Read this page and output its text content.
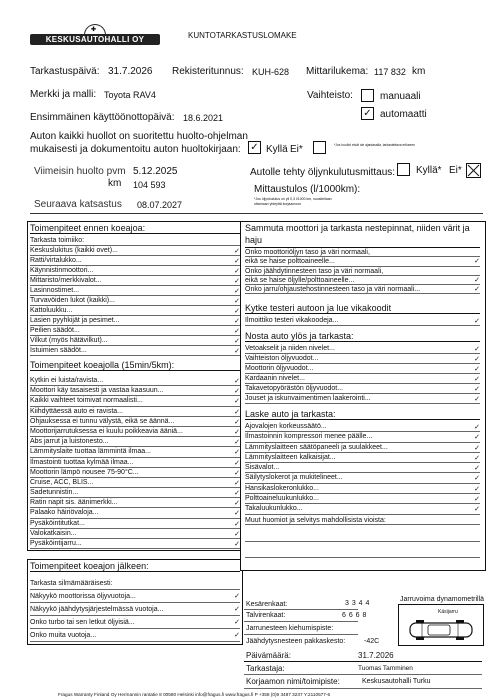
✚
KESKUSAUTOHALLI OY	KUNTOTARKASTUSLOMAKE
Tarkastuspäivä: 31.7.2026 Rekisteritunnus: KUH-628 Mittarilukema: 117 832 km
Merkki ja malli: Toyota RAV4	Vaihteisto:	manuaali
✓ automaatti
Ensimmäinen käyttöönottopäivä: 18.6.2021
Auton kaikki huollot on suoritettu huolto-ohjelman
mukaisesti ja dokumentoitu auton huoltokirjaan: ✓ Kyllä Ei*	*Jos huollot eivät ole ajantasalla, tarkastettava erikseen
Viimeisin huolto pvm 5.12.2025
km 104 593
Seuraava katsastus 08.07.2027
Autolle tehty öljynkulutusmittaus: Kyllä* Ei*
Mittaustulos (l/1000km):
*Jos öljynkulutus on yli 0,3 l/1000 km, suositellaan
ottamaan yhteyttä korjaamoon
Toimenpiteet ennen koeajoa:
Tarkasta toimiiko:
Keskuslukitus (kaikki ovet)...	✓
Ratti/virtalukko...	✓
Käynnistinmoottori...	✓
Mittaristo/merkkivalot...	✓
Lasinnostimet...	✓
Turvavöiden lukot (kaikki)...	✓
Kattoluukku...	✓
Lasien pyyhkijät ja pesimet...	✓
Peilien säädöt...	✓
Vilkut (myös hätävilkut)...	✓
Istuimien säädöt...	✓
Toimenpiteet koeajolla (15min/5km):
Kytkin ei luista/ravista...	✓
Moottori käy tasaisesti ja vastaa kaasuun...	✓
Kaikki vaihteet toimivat normaalisti...	✓
Kiihdyttäessä auto ei ravista...	✓
Ohjauksessa ei tunnu välystä, eikä se äännä...	✓
Moottorijarrutuksessa ei kuulu poikkeavia ääniä...	✓
Abs jarrut ja luistonesto...	✓
Lämmityslaite tuottaa lämmintä ilmaa...	✓
Ilmastointi tuottaa kylmää ilmaa...	✓
Moottorin lämpö nousee 75-90°C...	✓
Cruise, ACC, BLIS...	✓
Sadetunnistin...	✓
Ratin napit sis. äänimerkki...	✓
Palaako häiriövaloja...	✓
Pysäköintitutkat...	✓
Valokatkaisin...	✓
Pysäköintijarru...	✓
Toimenpiteet koeajon jälkeen:
Tarkasta silmämääräisesti:
Näkyykö moottorissa öljyvuotoja...	✓
Näkyykö jäähdytysjärjestelmässä vuotoja...	✓
Onko turbo tai sen letkut öljyisiä...	✓
Onko muita vuotoja...	✓
Sammuta moottori ja tarkasta nestepinnat, niiden värit ja haju
Onko moottoriöljyn taso ja väri normaali,
eikä se haise polttoaineelle...	✓
Onko jäähdytinnesteen taso ja väri normaali,
eikä se haise öljylle/polttoaineelle...	✓
Onko jarru/ohjaustehostinnesteen taso ja väri normaali...	✓
Kytke testeri autoon ja lue vikakoodit
Ilmoittiko testeri vikakoodeja...	✓
Nosta auto ylös ja tarkasta:
Vetoakselit ja niiden nivelet...	✓
Vaihteiston öljyvuodot...	✓
Moottorin öljyvuodot...	✓
Kardaanin nivelet...	✓
Takavetopyörästön öljyvuodot...	✓
Jouset ja iskunvaimentimen laakerointi...	✓
Laske auto ja tarkasta:
Ajovalojen korkeussäätö...	✓
Ilmastoinnin kompressori menee päälle...	✓
Lämmityslaitteen säätöpaneeli ja suulakkeet...	✓
Lämmityslaitteen kalkaisijat...	✓
Sisävalot...	✓
Säilytyslokerot ja mukitelineet...	✓
Hansikaslokeronlukko...	✓
Polttoaineluukunlukko...	✓
Takaluukunlukko...	✓
Muut huomiot ja selvitys mahdollisista vioista:
Kesärenkaat:	3 3 4 4
Talvirenkaat:	6 6 6 8
Jarrunesteen kiehumispiste:
Jäähdytysnesteen pakkaskesto:	-42C
Jarruvoima dynamometrillä
Käsijarru
Päivämäärä:	31.7.2026
Tarkastaja:	Tuomas Tamminen
Korjaamon nimi/toimipiste:	Keskusautohalli Turku
Fragus Warranty Finland Oy Hermannin rantatie 8 00580 Helsinki info@fragus.fi www.fragus.fi P +358 (0)9 3487 3237 Y:2110577-6
